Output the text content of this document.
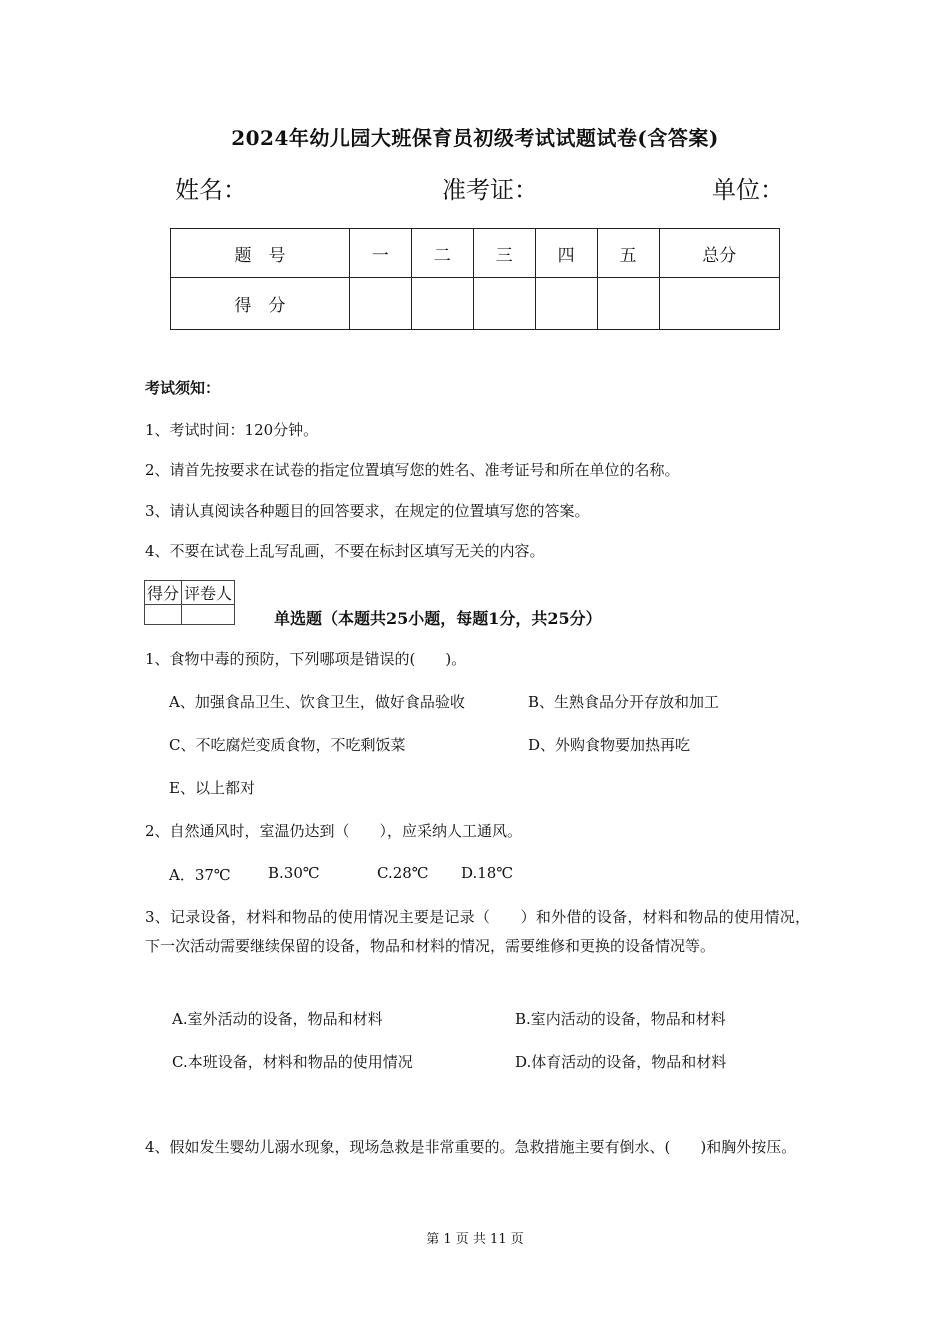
2024年幼儿园大班保育员初级考试试题试卷(含答案)
姓名：	准考证：	单位：
题　号	一	二	三	四	五	总分
得　分						
考试须知：
1、考试时间：120分钟。
2、请首先按要求在试卷的指定位置填写您的姓名、准考证号和所在单位的名称。
3、请认真阅读各种题目的回答要求，在规定的位置填写您的答案。
4、不要在试卷上乱写乱画，不要在标封区填写无关的内容。
得分	评卷人

单选题（本题共25小题，每题1分，共25分）
1、食物中毒的预防，下列哪项是错误的(　　)。
A、加强食品卫生、饮食卫生，做好食品验收	B、生熟食品分开存放和加工
C、不吃腐烂变质食物，不吃剩饭菜	D、外购食物要加热再吃
E、以上都对
2、自然通风时，室温仍达到（　　），应采纳人工通风。
A．37℃ B.30℃	C.28℃ D.18℃
3、记录设备，材料和物品的使用情况主要是记录（　　）和外借的设备，材料和物品的使用情况，下一次活动需要继续保留的设备，物品和材料的情况，需要维修和更换的设备情况等。
A.室外活动的设备，物品和材料	B.室内活动的设备，物品和材料
C.本班设备，材料和物品的使用情况	D.体育活动的设备，物品和材料
4、假如发生婴幼儿溺水现象，现场急救是非常重要的。急救措施主要有倒水、(　　)和胸外按压。
第 1 页 共 11 页
